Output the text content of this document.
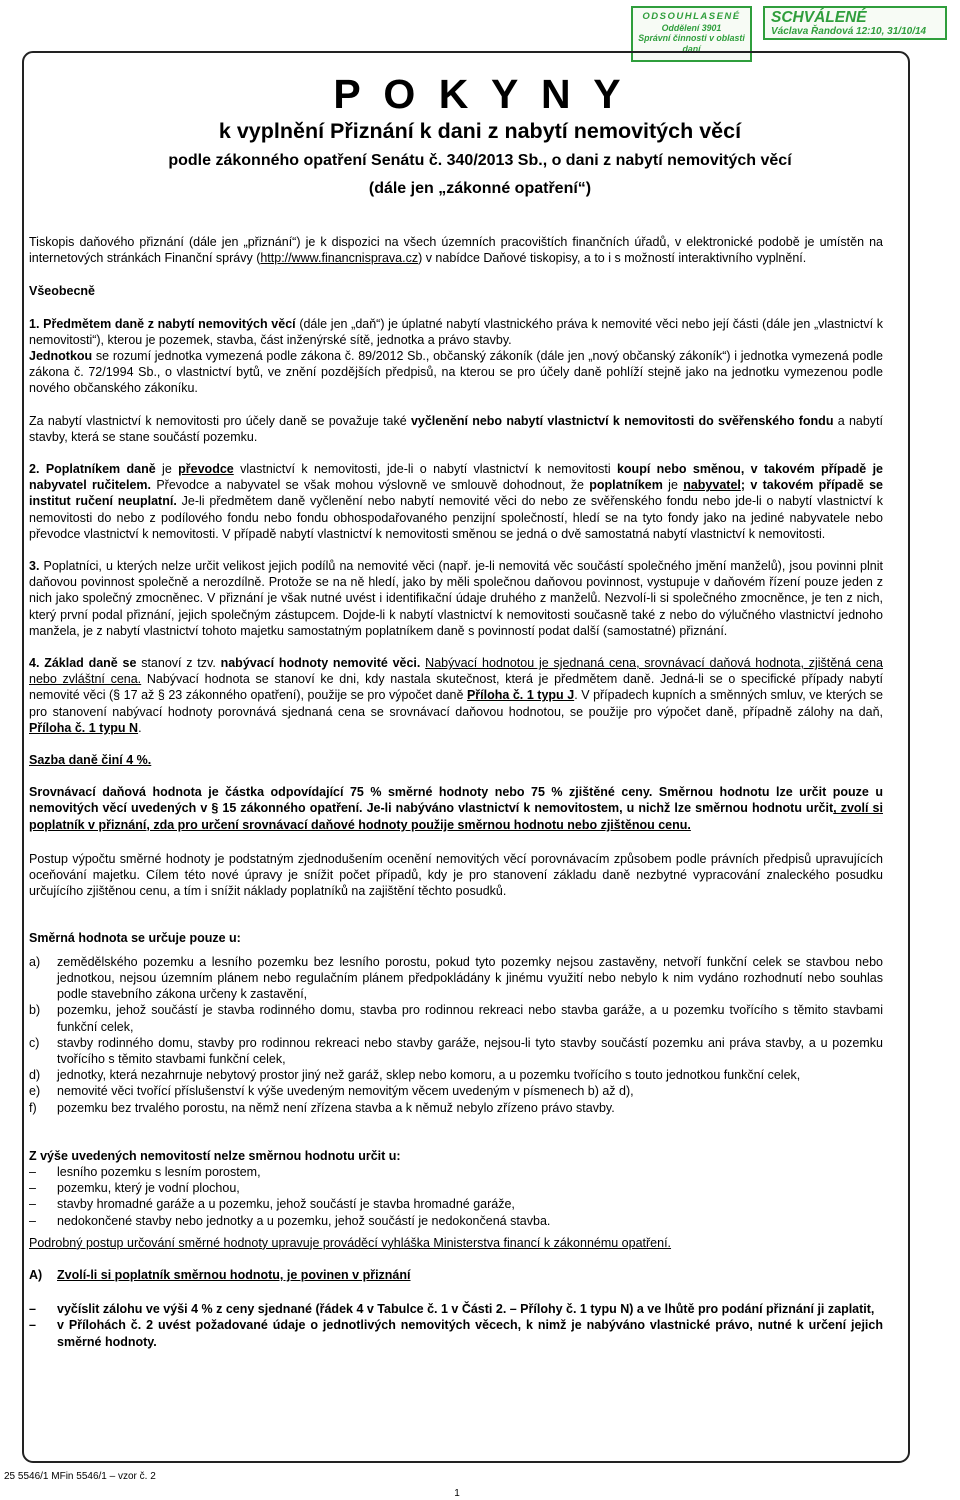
ODSOUHLASENÉ
Oddělení 3901
Správní činnosti v oblasti
daní
SCHVÁLENÉ
Václava Řandová 12:10, 31/10/14
P O K Y N Y
k vyplnění Přiznání k dani z nabytí nemovitých věcí
podle zákonného opatření Senátu č. 340/2013 Sb., o dani z nabytí nemovitých věcí
(dále jen „zákonné opatření“)

Tiskopis daňového přiznání (dále jen „přiznání“) je k dispozici na všech územních pracovištích finančních úřadů, v elektronické podobě je umístěn na internetových stránkách Finanční správy (http://www.financnisprava.cz) v nabídce Daňové tiskopisy, a to i s možností interaktivního vyplnění.

Všeobecně

1. Předmětem daně z nabytí nemovitých věcí (dále jen „daň“) je úplatné nabytí vlastnického práva k nemovité věci nebo její části (dále jen „vlastnictví k nemovitosti“), kterou je pozemek, stavba, část inženýrské sítě, jednotka a právo stavby.
Jednotkou se rozumí jednotka vymezená podle zákona č. 89/2012 Sb., občanský zákoník (dále jen „nový občanský zákoník“) i jednotka vymezená podle zákona č. 72/1994 Sb., o vlastnictví bytů, ve znění pozdějších předpisů, na kterou se pro účely daně pohlíží stejně jako na jednotku vymezenou podle nového občanského zákoníku.

Za nabytí vlastnictví k nemovitosti pro účely daně se považuje také vyčlenění nebo nabytí vlastnictví k nemovitosti do svěřenského fondu a nabytí stavby, která se stane součástí pozemku.

2. Poplatníkem daně je převodce vlastnictví k nemovitosti, jde-li o nabytí vlastnictví k nemovitosti koupí nebo směnou, v takovém případě je nabyvatel ručitelem. Převodce a nabyvatel se však mohou výslovně ve smlouvě dohodnout, že poplatníkem je nabyvatel; v takovém případě se institut ručení neuplatní. Je-li předmětem daně vyčlenění nebo nabytí nemovité věci do nebo ze svěřenského fondu nebo jde-li o nabytí vlastnictví k nemovitosti do nebo z podílového fondu nebo fondu obhospodařovaného penzijní společností, hledí se na tyto fondy jako na jediné nabyvatele nebo převodce vlastnictví k nemovitosti. V případě nabytí vlastnictví k nemovitosti směnou se jedná o dvě samostatná nabytí vlastnictví k nemovitosti.

3. Poplatníci, u kterých nelze určit velikost jejich podílů na nemovité věci (např. je-li nemovitá věc součástí společného jmění manželů), jsou povinni plnit daňovou povinnost společně a nerozdílně. Protože se na ně hledí, jako by měli společnou daňovou povinnost, vystupuje v daňovém řízení pouze jeden z nich jako společný zmocněnec. V přiznání je však nutné uvést i identifikační údaje druhého z manželů. Nezvolí-li si společného zmocněnce, je ten z nich, který první podal přiznání, jejich společným zástupcem. Dojde-li k nabytí vlastnictví k nemovitosti současně také z nebo do výlučného vlastnictví jednoho manžela, je z nabytí vlastnictví tohoto majetku samostatným poplatníkem daně s povinností podat další (samostatné) přiznání.

4. Základ daně se stanoví z tzv. nabývací hodnoty nemovité věci. Nabývací hodnotou je sjednaná cena, srovnávací daňová hodnota, zjištěná cena nebo zvláštní cena. Nabývací hodnota se stanoví ke dni, kdy nastala skutečnost, která je předmětem daně. Jedná-li se o specifické případy nabytí nemovité věci (§ 17 až § 23 zákonného opatření), použije se pro výpočet daně Příloha č. 1 typu J. V případech kupních a směnných smluv, ve kterých se pro stanovení nabývací hodnoty porovnává sjednaná cena se srovnávací daňovou hodnotou, se použije pro výpočet daně, případně zálohy na daň, Příloha č. 1 typu N.

Sazba daně činí 4 %.

Srovnávací daňová hodnota je částka odpovídající 75 % směrné hodnoty nebo 75 % zjištěné ceny. Směrnou hodnotu lze určit pouze u nemovitých věcí uvedených v § 15 zákonného opatření. Je-li nabýváno vlastnictví k nemovitostem, u nichž lze směrnou hodnotu určit, zvolí si poplatník v přiznání, zda pro určení srovnávací daňové hodnoty použije směrnou hodnotu nebo zjištěnou cenu.

Postup výpočtu směrné hodnoty je podstatným zjednodušením ocenění nemovitých věcí porovnávacím způsobem podle právních předpisů upravujících oceňování majetku. Cílem této nové úpravy je snížit počet případů, kdy je pro stanovení základu daně nezbytné vypracování znaleckého posudku určujícího zjištěnou cenu, a tím i snížit náklady poplatníků na zajištění těchto posudků.

Směrná hodnota se určuje pouze u:

a)	zemědělského pozemku a lesního pozemku bez lesního porostu, pokud tyto pozemky nejsou zastavěny, netvoří funkční celek se stavbou nebo jednotkou, nejsou územním plánem nebo regulačním plánem předpokládány k jinému využití nebo nebylo k nim vydáno rozhodnutí nebo souhlas podle stavebního zákona určeny k zastavění,
b)	pozemku, jehož součástí je stavba rodinného domu, stavba pro rodinnou rekreaci nebo stavba garáže, a u pozemku tvořícího s těmito stavbami funkční celek,
c)	stavby rodinného domu, stavby pro rodinnou rekreaci nebo stavby garáže, nejsou-li tyto stavby součástí pozemku ani práva stavby, a u pozemku tvořícího s těmito stavbami funkční celek,
d)	jednotky, která nezahrnuje nebytový prostor jiný než garáž, sklep nebo komoru, a u pozemku tvořícího s touto jednotkou funkční celek,
e)	nemovité věci tvořící příslušenství k výše uvedeným nemovitým věcem uvedeným v písmenech b) až d),
f)	pozemku bez trvalého porostu, na němž není zřízena stavba a k němuž nebylo zřízeno právo stavby.

Z výše uvedených nemovitostí nelze směrnou hodnotu určit u:

–	lesního pozemku s lesním porostem,
–	pozemku, který je vodní plochou,
–	stavby hromadné garáže a u pozemku, jehož součástí je stavba hromadné garáže,
–	nedokončené stavby nebo jednotky a u pozemku, jehož součástí je nedokončená stavba.

Podrobný postup určování směrné hodnoty upravuje prováděcí vyhláška Ministerstva financí k zákonnému opatření.

A)	Zvolí-li si poplatník směrnou hodnotu, je povinen v přiznání
–	vyčíslit zálohu ve výši 4 % z ceny sjednané (řádek 4 v Tabulce č. 1 v Části 2. – Přílohy č. 1 typu N) a ve lhůtě pro podání přiznání ji zaplatit,
–	v Přílohách č. 2 uvést požadované údaje o jednotlivých nemovitých věcech, k nimž je nabýváno vlastnické právo, nutné k určení jejich směrné hodnoty.
25 5546/1 MFin 5546/1 – vzor č. 2
1
